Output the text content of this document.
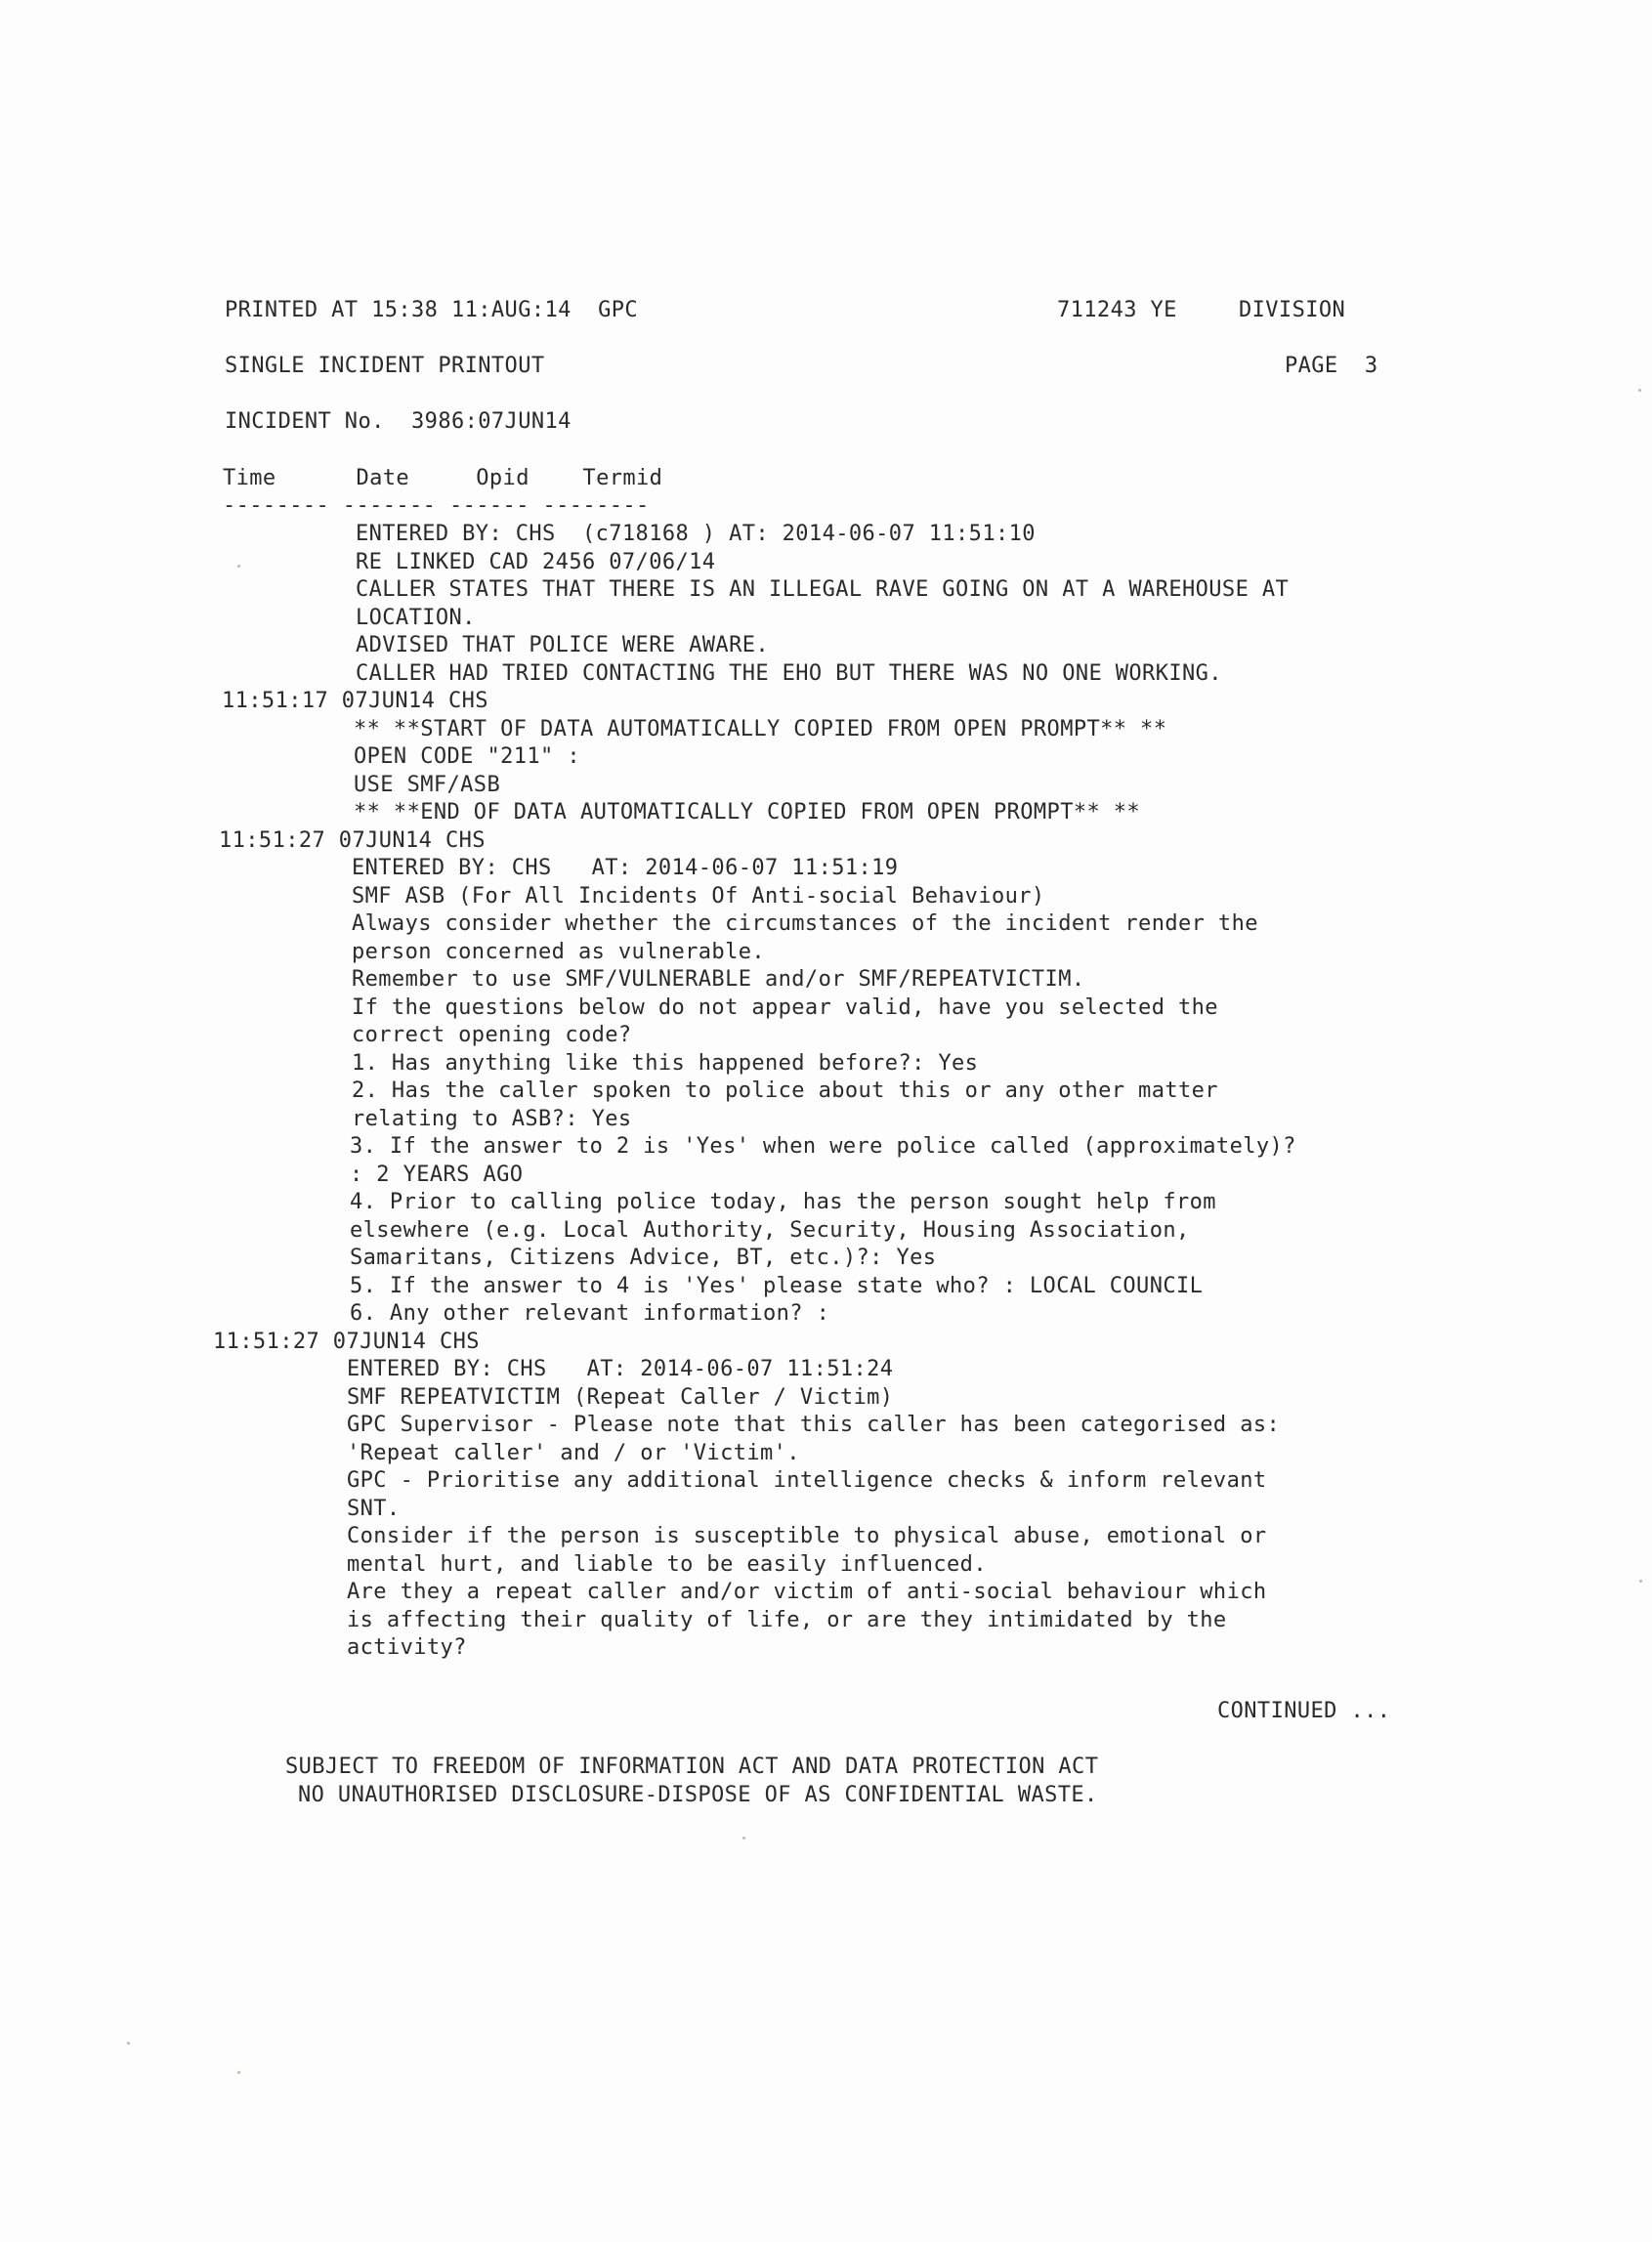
PRINTED AT 15:38 11:AUG:14  GPC	711243 YE	DIVISION
SINGLE INCIDENT PRINTOUT	PAGE  3
INCIDENT No.  3986:07JUN14
Time      Date     Opid    Termid
-------- ------- ------ --------
ENTERED BY: CHS  (c718168 ) AT: 2014-06-07 11:51:10
RE LINKED CAD 2456 07/06/14
CALLER STATES THAT THERE IS AN ILLEGAL RAVE GOING ON AT A WAREHOUSE AT
LOCATION.
ADVISED THAT POLICE WERE AWARE.
CALLER HAD TRIED CONTACTING THE EHO BUT THERE WAS NO ONE WORKING.
11:51:17 07JUN14 CHS
** **START OF DATA AUTOMATICALLY COPIED FROM OPEN PROMPT** **
OPEN CODE "211" :
USE SMF/ASB
** **END OF DATA AUTOMATICALLY COPIED FROM OPEN PROMPT** **
11:51:27 07JUN14 CHS
ENTERED BY: CHS   AT: 2014-06-07 11:51:19
SMF ASB (For All Incidents Of Anti-social Behaviour)
Always consider whether the circumstances of the incident render the
person concerned as vulnerable.
Remember to use SMF/VULNERABLE and/or SMF/REPEATVICTIM.
If the questions below do not appear valid, have you selected the
correct opening code?
1. Has anything like this happened before?: Yes
2. Has the caller spoken to police about this or any other matter
relating to ASB?: Yes
3. If the answer to 2 is 'Yes' when were police called (approximately)?
: 2 YEARS AGO
4. Prior to calling police today, has the person sought help from
elsewhere (e.g. Local Authority, Security, Housing Association,
Samaritans, Citizens Advice, BT, etc.)?: Yes
5. If the answer to 4 is 'Yes' please state who? : LOCAL COUNCIL
6. Any other relevant information? :
11:51:27 07JUN14 CHS
ENTERED BY: CHS   AT: 2014-06-07 11:51:24
SMF REPEATVICTIM (Repeat Caller / Victim)
GPC Supervisor - Please note that this caller has been categorised as:
'Repeat caller' and / or 'Victim'.
GPC - Prioritise any additional intelligence checks & inform relevant
SNT.
Consider if the person is susceptible to physical abuse, emotional or
mental hurt, and liable to be easily influenced.
Are they a repeat caller and/or victim of anti-social behaviour which
is affecting their quality of life, or are they intimidated by the
activity?
CONTINUED ...
SUBJECT TO FREEDOM OF INFORMATION ACT AND DATA PROTECTION ACT
NO UNAUTHORISED DISCLOSURE-DISPOSE OF AS CONFIDENTIAL WASTE.
